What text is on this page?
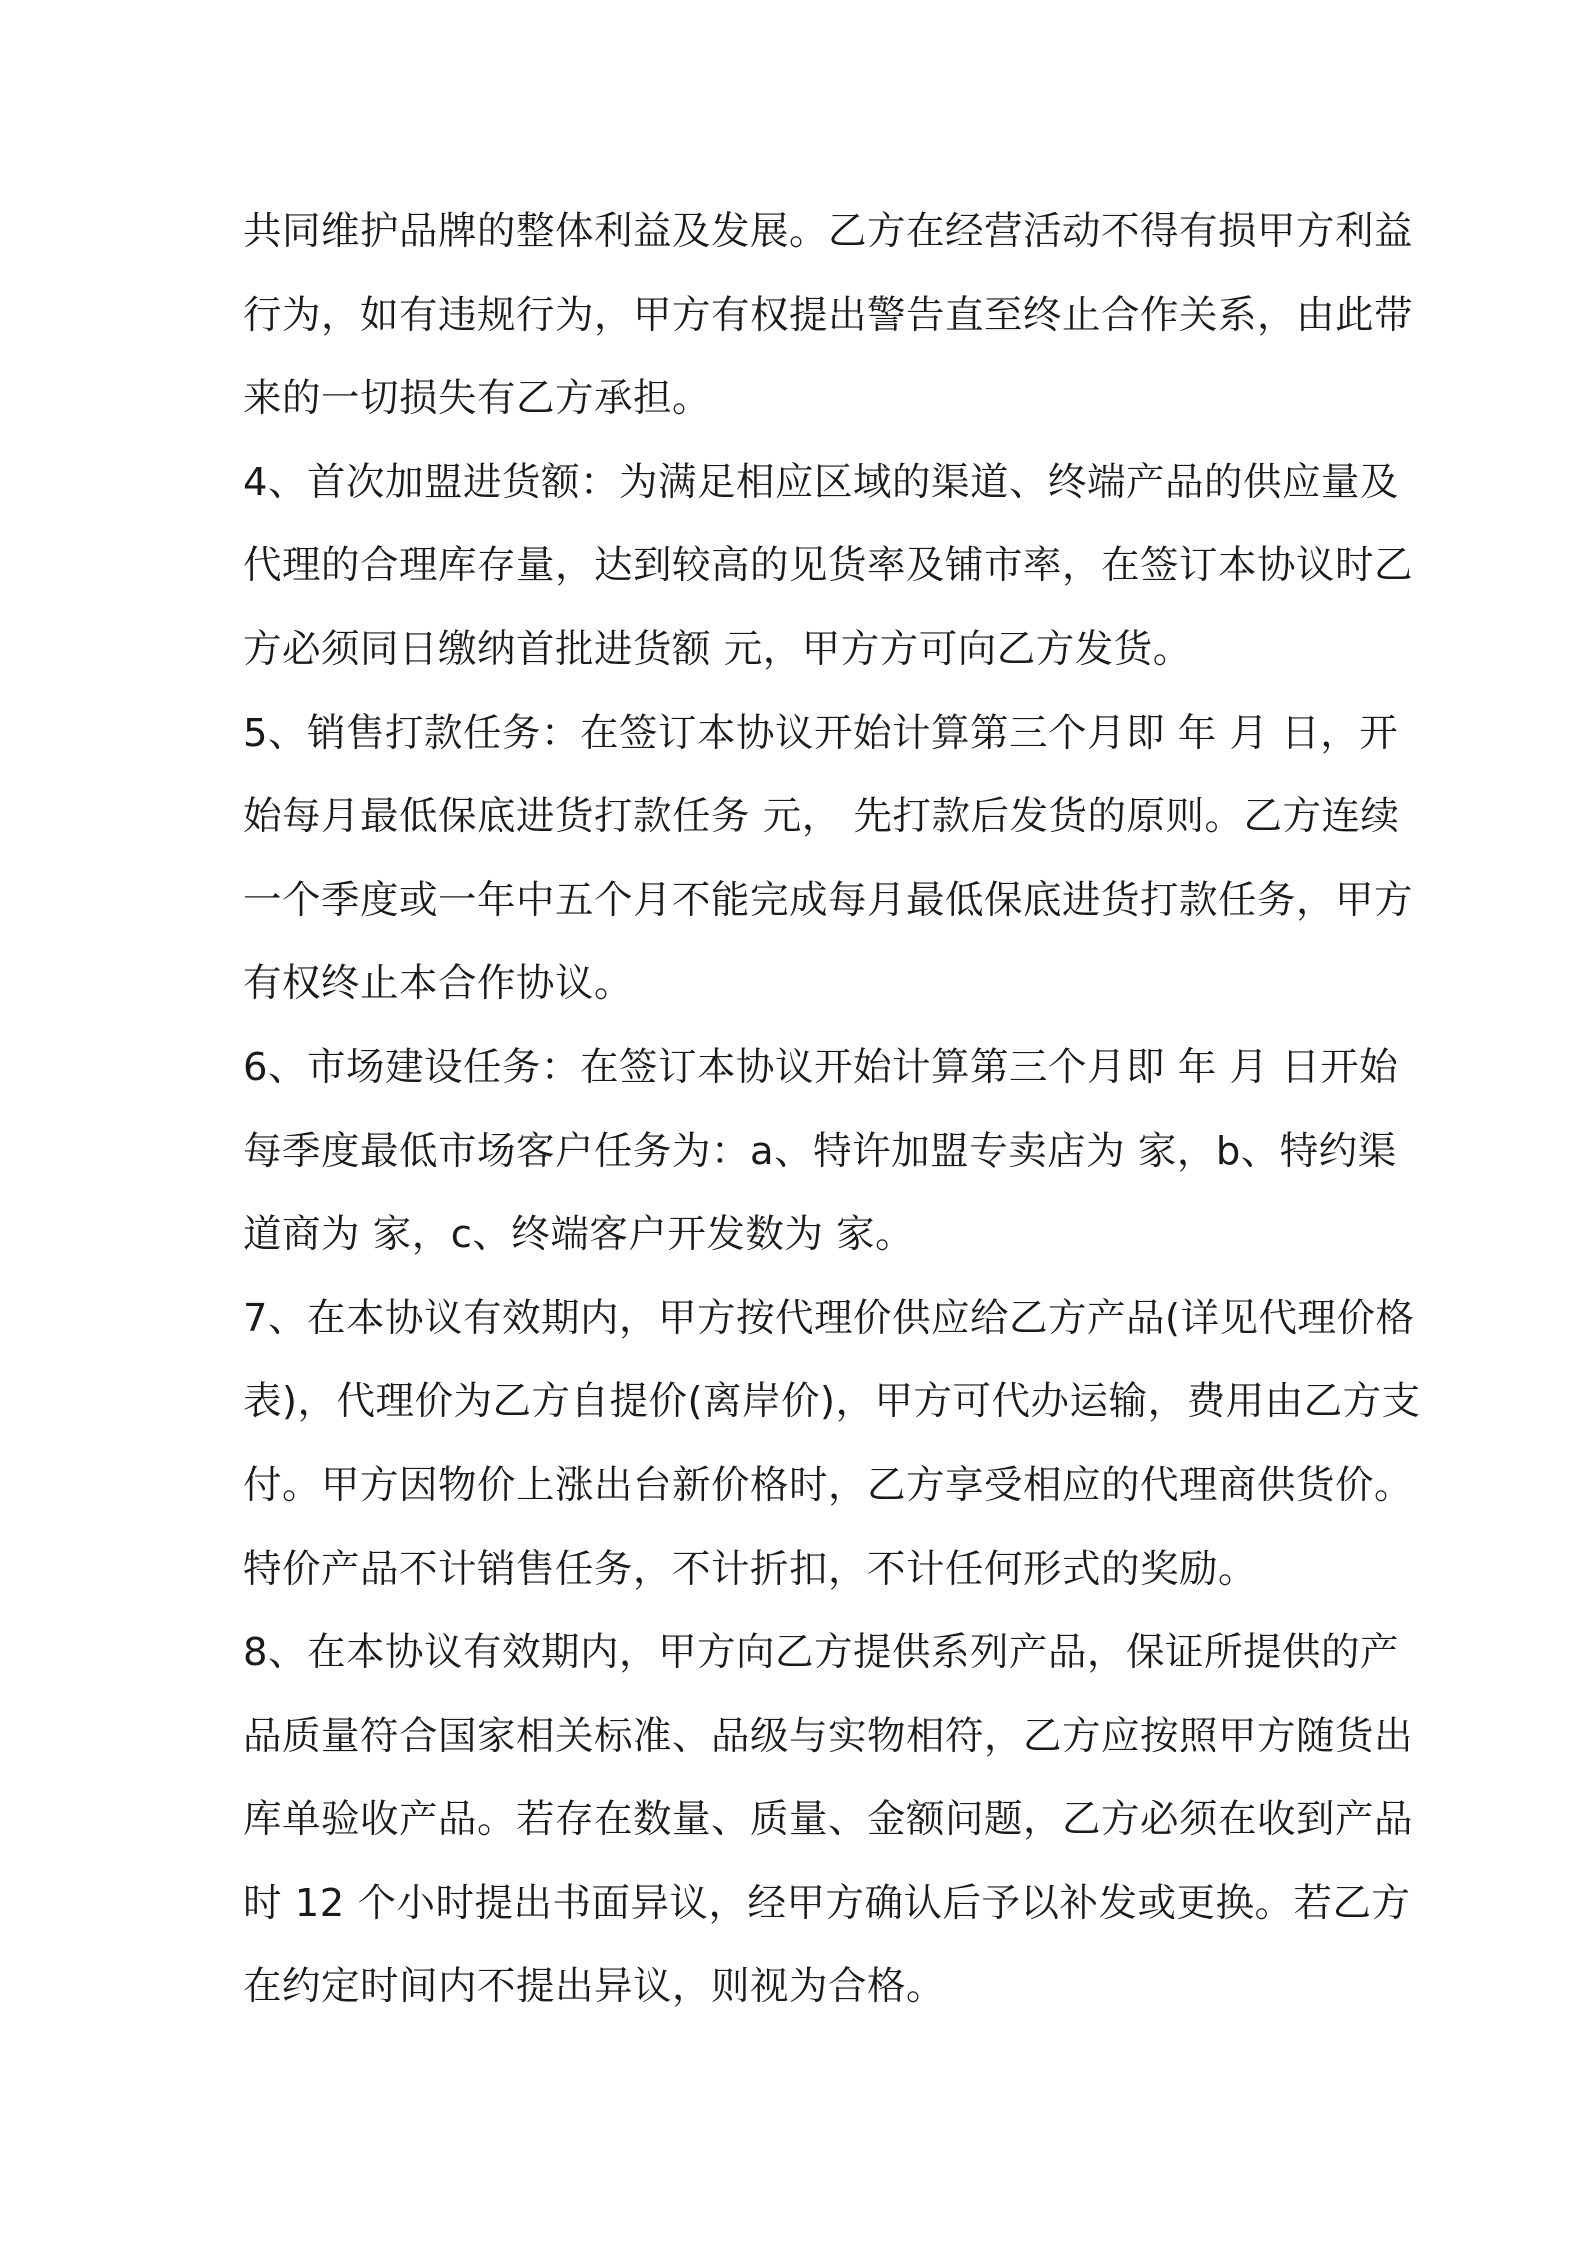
共同维护品牌的整体利益及发展。乙方在经营活动不得有损甲方利益
行为，如有违规行为，甲方有权提出警告直至终止合作关系，由此带
来的一切损失有乙方承担。
4、首次加盟进货额：为满足相应区域的渠道、终端产品的供应量及
代理的合理库存量，达到较高的见货率及铺市率，在签订本协议时乙
方必须同日缴纳首批进货额 元，甲方方可向乙方发货。
5、销售打款任务：在签订本协议开始计算第三个月即 年 月 日，开
始每月最低保底进货打款任务 元， 先打款后发货的原则。乙方连续
一个季度或一年中五个月不能完成每月最低保底进货打款任务，甲方
有权终止本合作协议。
6、市场建设任务：在签订本协议开始计算第三个月即 年 月 日开始
每季度最低市场客户任务为：a、特许加盟专卖店为 家，b、特约渠
道商为 家，c、终端客户开发数为 家。
7、在本协议有效期内，甲方按代理价供应给乙方产品(详见代理价格
表)，代理价为乙方自提价(离岸价)，甲方可代办运输，费用由乙方支
付。甲方因物价上涨出台新价格时，乙方享受相应的代理商供货价。
特价产品不计销售任务，不计折扣，不计任何形式的奖励。
8、在本协议有效期内，甲方向乙方提供系列产品，保证所提供的产
品质量符合国家相关标准、品级与实物相符，乙方应按照甲方随货出
库单验收产品。若存在数量、质量、金额问题，乙方必须在收到产品
时 12 个小时提出书面异议，经甲方确认后予以补发或更换。若乙方
在约定时间内不提出异议，则视为合格。
